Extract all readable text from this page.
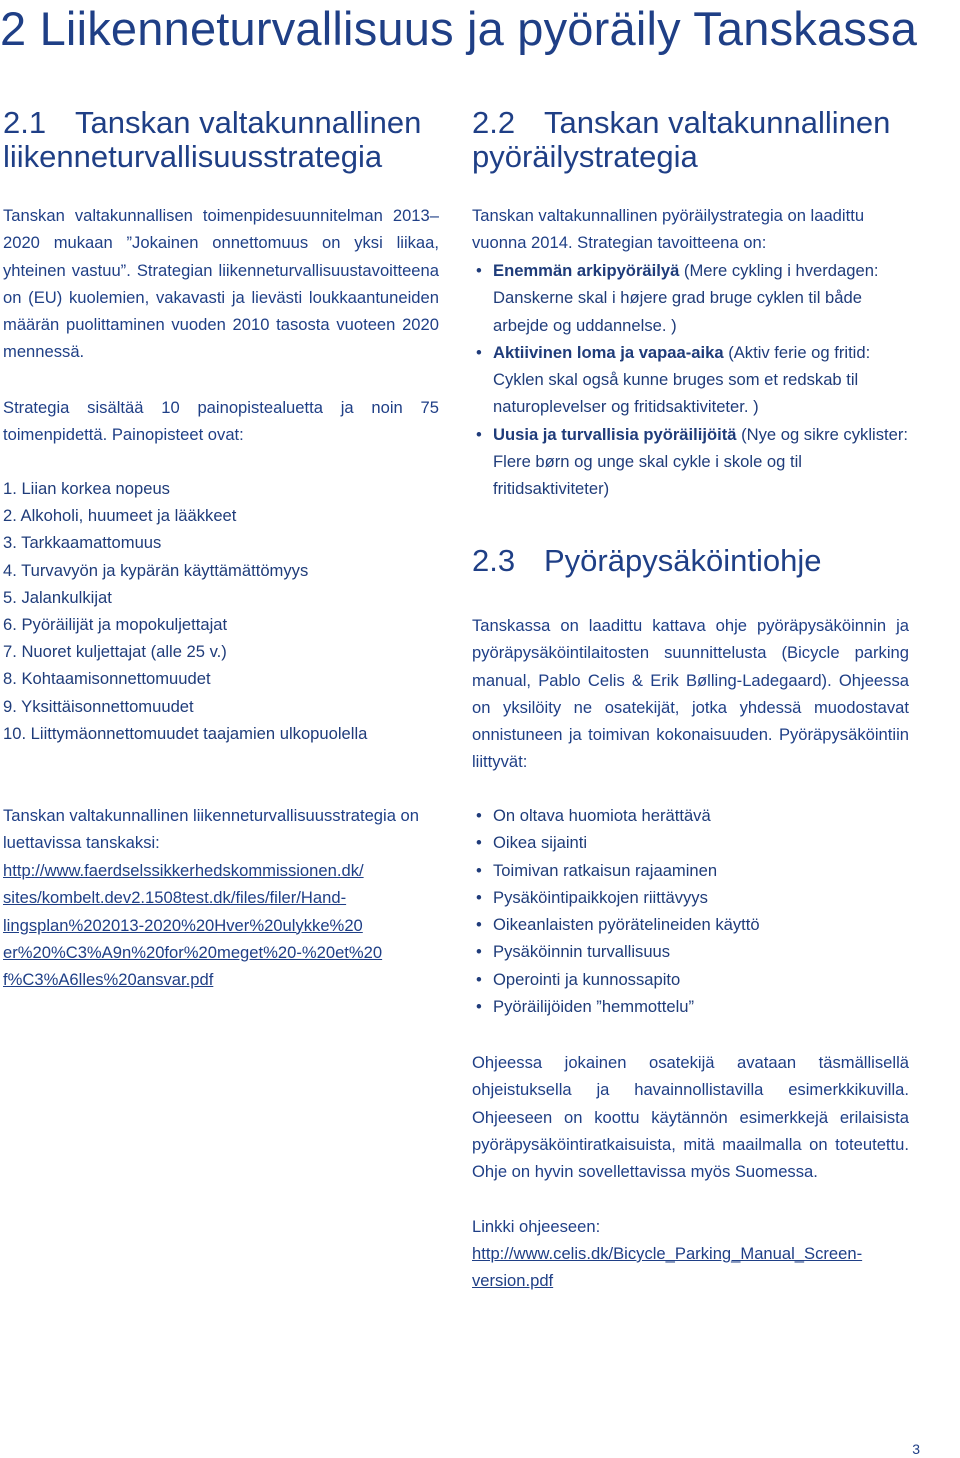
2 Liikenneturvallisuus ja pyöräily Tanskassa
2.1 Tanskan valtakunnallinen
liikenneturvallisuusstrategia
Tanskan valtakunnallisen toimenpidesuunnitelman 2013–2020 mukaan ”Jokainen onnettomuus on yksi liikaa, yhteinen vastuu”. Strategian liikenneturvallisuustavoitteena on (EU) kuolemien, vakavasti ja lievästi loukkaantuneiden määrän puolittaminen vuoden 2010 tasosta vuoteen 2020 mennessä.
Strategia sisältää 10 painopistealuetta ja noin 75 toimenpidettä. Painopisteet ovat:
1. Liian korkea nopeus
2. Alkoholi, huumeet ja lääkkeet
3. Tarkkaamattomuus
4. Turvavyön ja kypärän käyttämättömyys
5. Jalankulkijat
6. Pyöräilijät ja mopokuljettajat
7. Nuoret kuljettajat (alle 25 v.)
8. Kohtaamisonnettomuudet
9. Yksittäisonnettomuudet
10. Liittymäonnettomuudet taajamien ulkopuolella
Tanskan valtakunnallinen liikenneturvallisuusstrategia on luettavissa tanskaksi:
http://www.faerdselssikkerhedskommissionen.dk/
sites/kombelt.dev2.1508test.dk/files/filer/Hand-
lingsplan%202013-2020%20Hver%20ulykke%20
er%20%C3%A9n%20for%20meget%20-%20et%20
f%C3%A6lles%20ansvar.pdf
2.2 Tanskan valtakunnallinen
pyöräilystrategia
Tanskan valtakunnallinen pyöräilystrategia on laadittu vuonna 2014. Strategian tavoitteena on:
• Enemmän arkipyöräilyä (Mere cykling i hverdagen: Danskerne skal i højere grad bruge cyklen til både arbejde og uddannelse. )
• Aktiivinen loma ja vapaa-aika (Aktiv ferie og fritid: Cyklen skal også kunne bruges som et redskab til naturoplevelser og fritidsaktiviteter. )
• Uusia ja turvallisia pyöräilijöitä (Nye og sikre cyklister: Flere børn og unge skal cykle i skole og til fritidsaktiviteter)
2.3 Pyöräpysäköintiohje
Tanskassa on laadittu kattava ohje pyöräpysäköinnin ja pyöräpysäköintilaitosten suunnittelusta (Bicycle parking manual, Pablo Celis & Erik Bølling-Ladegaard). Ohjeessa on yksilöity ne osatekijät, jotka yhdessä muodostavat onnistuneen ja toimivan kokonaisuuden. Pyöräpysäköintiin liittyvät:
• On oltava huomiota herättävä
• Oikea sijainti
• Toimivan ratkaisun rajaaminen
• Pysäköintipaikkojen riittävyys
• Oikeanlaisten pyörätelineiden käyttö
• Pysäköinnin turvallisuus
• Operointi ja kunnossapito
• Pyöräilijöiden ”hemmottelu”
Ohjeessa jokainen osatekijä avataan täsmällisellä ohjeistuksella ja havainnollistavilla esimerkkikuvilla. Ohjeeseen on koottu käytännön esimerkkejä erilaisista pyöräpysäköintiratkaisuista, mitä maailmalla on toteutettu. Ohje on hyvin sovellettavissa myös Suomessa.
Linkki ohjeeseen:
http://www.celis.dk/Bicycle_Parking_Manual_Screen-
version.pdf
3
